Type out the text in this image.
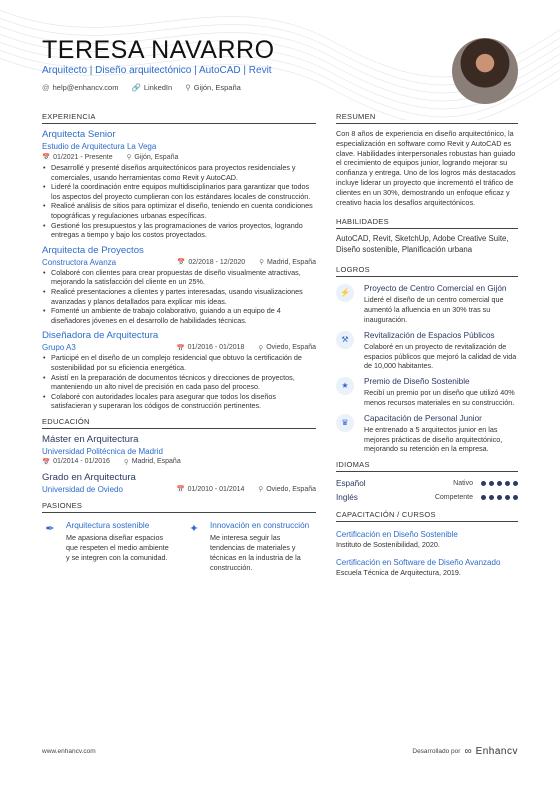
TERESA NAVARRO
Arquitecto | Diseño arquitectónico | AutoCAD | Revit
@ help@enhancv.com 🔗 LinkedIn ⚲ Gijón, España
EXPERIENCIA
Arquitecta Senior
Estudio de Arquitectura La Vega
📅 01/2021 - Presente ⚲ Gijón, España
• Desarrollé y presenté diseños arquitectónicos para proyectos residenciales y comerciales, usando herramientas como Revit y AutoCAD.
• Lideré la coordinación entre equipos multidisciplinarios para garantizar que todos los aspectos del proyecto cumplieran con los estándares locales de construcción.
• Realicé análisis de sitios para optimizar el diseño, teniendo en cuenta condiciones topográficas y regulaciones urbanas específicas.
• Gestioné los presupuestos y las programaciones de varios proyectos, logrando entregas a tiempo y bajo los costos proyectados.
Arquitecta de Proyectos
Constructora Avanza	📅 02/2018 - 12/2020 ⚲ Madrid, España
• Colaboré con clientes para crear propuestas de diseño visualmente atractivas, mejorando la satisfacción del cliente en un 25%.
• Realicé presentaciones a clientes y partes interesadas, usando visualizaciones avanzadas y planos detallados para explicar mis ideas.
• Fomenté un ambiente de trabajo colaborativo, guiando a un equipo de 4 diseñadores jóvenes en el desarrollo de habilidades técnicas.
Diseñadora de Arquitectura
Grupo A3	📅 01/2016 - 01/2018 ⚲ Oviedo, España
• Participé en el diseño de un complejo residencial que obtuvo la certificación de sostenibilidad por su eficiencia energética.
• Asistí en la preparación de documentos técnicos y direcciones de proyectos, manteniendo un alto nivel de precisión en cada paso del proceso.
• Colaboré con autoridades locales para asegurar que todos los diseños satisfacieran y superaran los códigos de construcción pertinentes.
EDUCACIÓN
Máster en Arquitectura
Universidad Politécnica de Madrid
📅 01/2014 - 01/2016 ⚲ Madrid, España
Grado en Arquitectura
Universidad de Oviedo	📅 01/2010 - 01/2014 ⚲ Oviedo, España
PASIONES
✒	Arquitectura sostenible
Me apasiona diseñar espacios que respeten el medio ambiente y se integren con la comunidad.
✦	Innovación en construcción
Me interesa seguir las tendencias de materiales y técnicas en la industria de la construcción.
RESUMEN
Con 8 años de experiencia en diseño arquitectónico, la especialización en software como Revit y AutoCAD es clave. Habilidades interpersonales robustas han guiado el crecimiento de equipos junior, logrando mejorar su confianza y entrega. Uno de los logros más destacados incluye liderar un proyecto que incrementó el tráfico de clientes en un 30%, demostrando un enfoque eficaz y creativo hacia los desafíos arquitectónicos.
HABILIDADES
AutoCAD, Revit, SketchUp, Adobe Creative Suite, Diseño sostenible, Planificación urbana
LOGROS
⚡	Proyecto de Centro Comercial en Gijón
Lideré el diseño de un centro comercial que aumentó la afluencia en un 30% tras su inauguración.
⚒	Revitalización de Espacios Públicos
Colaboré en un proyecto de revitalización de espacios públicos que mejoró la calidad de vida de 10,000 habitantes.
★	Premio de Diseño Sostenible
Recibí un premio por un diseño que utilizó 40% menos recursos materiales en su construcción.
♛	Capacitación de Personal Junior
He entrenado a 5 arquitectos junior en las mejores prácticas de diseño arquitectónico, mejorando su retención en la empresa.
IDIOMAS
Español	Nativo
Inglés	Competente
CAPACITACIÓN / CURSOS
Certificación en Diseño Sostenible
Instituto de Sostenibilidad, 2020.
Certificación en Software de Diseño Avanzado
Escuela Técnica de Arquitectura, 2019.
www.enhancv.com	Desarrollado por ∞ Enhancv
